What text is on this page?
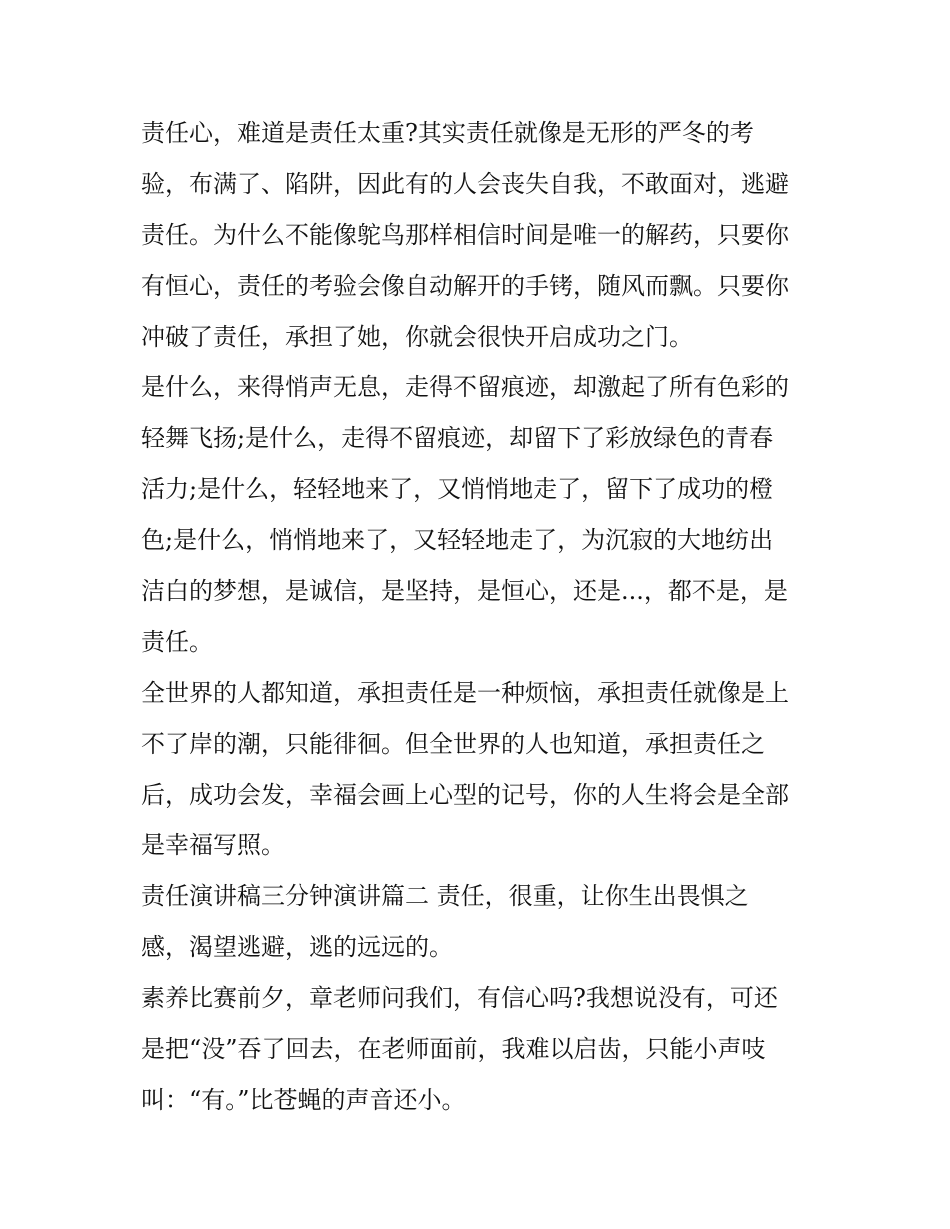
责任心，难道是责任太重?其实责任就像是无形的严冬的考
验，布满了、陷阱，因此有的人会丧失自我，不敢面对，逃避
责任。为什么不能像鸵鸟那样相信时间是唯一的解药，只要你
有恒心，责任的考验会像自动解开的手铐，随风而飘。只要你
冲破了责任，承担了她，你就会很快开启成功之门。
是什么，来得悄声无息，走得不留痕迹，却激起了所有色彩的
轻舞飞扬;是什么，走得不留痕迹，却留下了彩放绿色的青春
活力;是什么，轻轻地来了，又悄悄地走了，留下了成功的橙
色;是什么，悄悄地来了，又轻轻地走了，为沉寂的大地纺出
洁白的梦想，是诚信，是坚持，是恒心，还是...，都不是，是
责任。
全世界的人都知道，承担责任是一种烦恼，承担责任就像是上
不了岸的潮，只能徘徊。但全世界的人也知道，承担责任之
后，成功会发，幸福会画上心型的记号，你的人生将会是全部
是幸福写照。
责任演讲稿三分钟演讲篇二 责任，很重，让你生出畏惧之
感，渴望逃避，逃的远远的。
素养比赛前夕，章老师问我们，有信心吗?我想说没有，可还
是把“没”吞了回去，在老师面前，我难以启齿，只能小声吱
叫：“有。”比苍蝇的声音还小。
